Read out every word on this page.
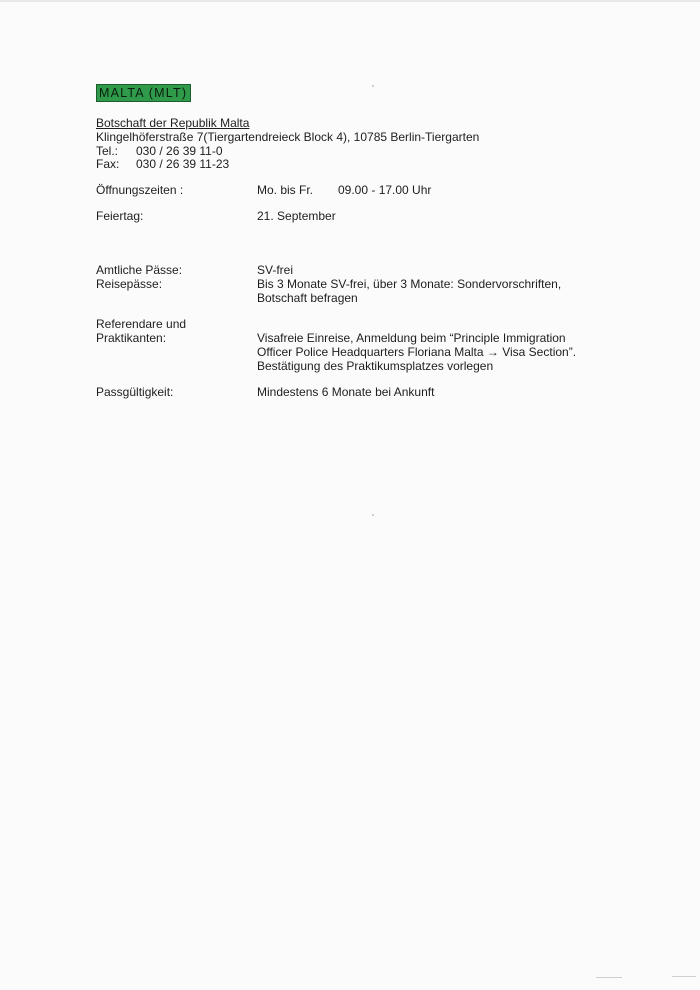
MALTA (MLT)
Botschaft der Republik Malta
Klingelhöferstraße 7(Tiergartendreieck Block 4), 10785 Berlin-Tiergarten
Tel.: 030 / 26 39 11-0
Fax: 030 / 26 39 11-23
Öffnungszeiten :	Mo. bis Fr. 09.00 - 17.00 Uhr
Feiertag:	21. September
Amtliche Pässe:	SV-frei
Reisepässe:	Bis 3 Monate SV-frei, über 3 Monate: Sondervorschriften, Botschaft befragen
Referendare und
Praktikanten:	Visafreie Einreise, Anmeldung beim “Principle Immigration
Officer Police Headquarters Floriana Malta → Visa Section”.
Bestätigung des Praktikumsplatzes vorlegen
Passgültigkeit:	Mindestens 6 Monate bei Ankunft
